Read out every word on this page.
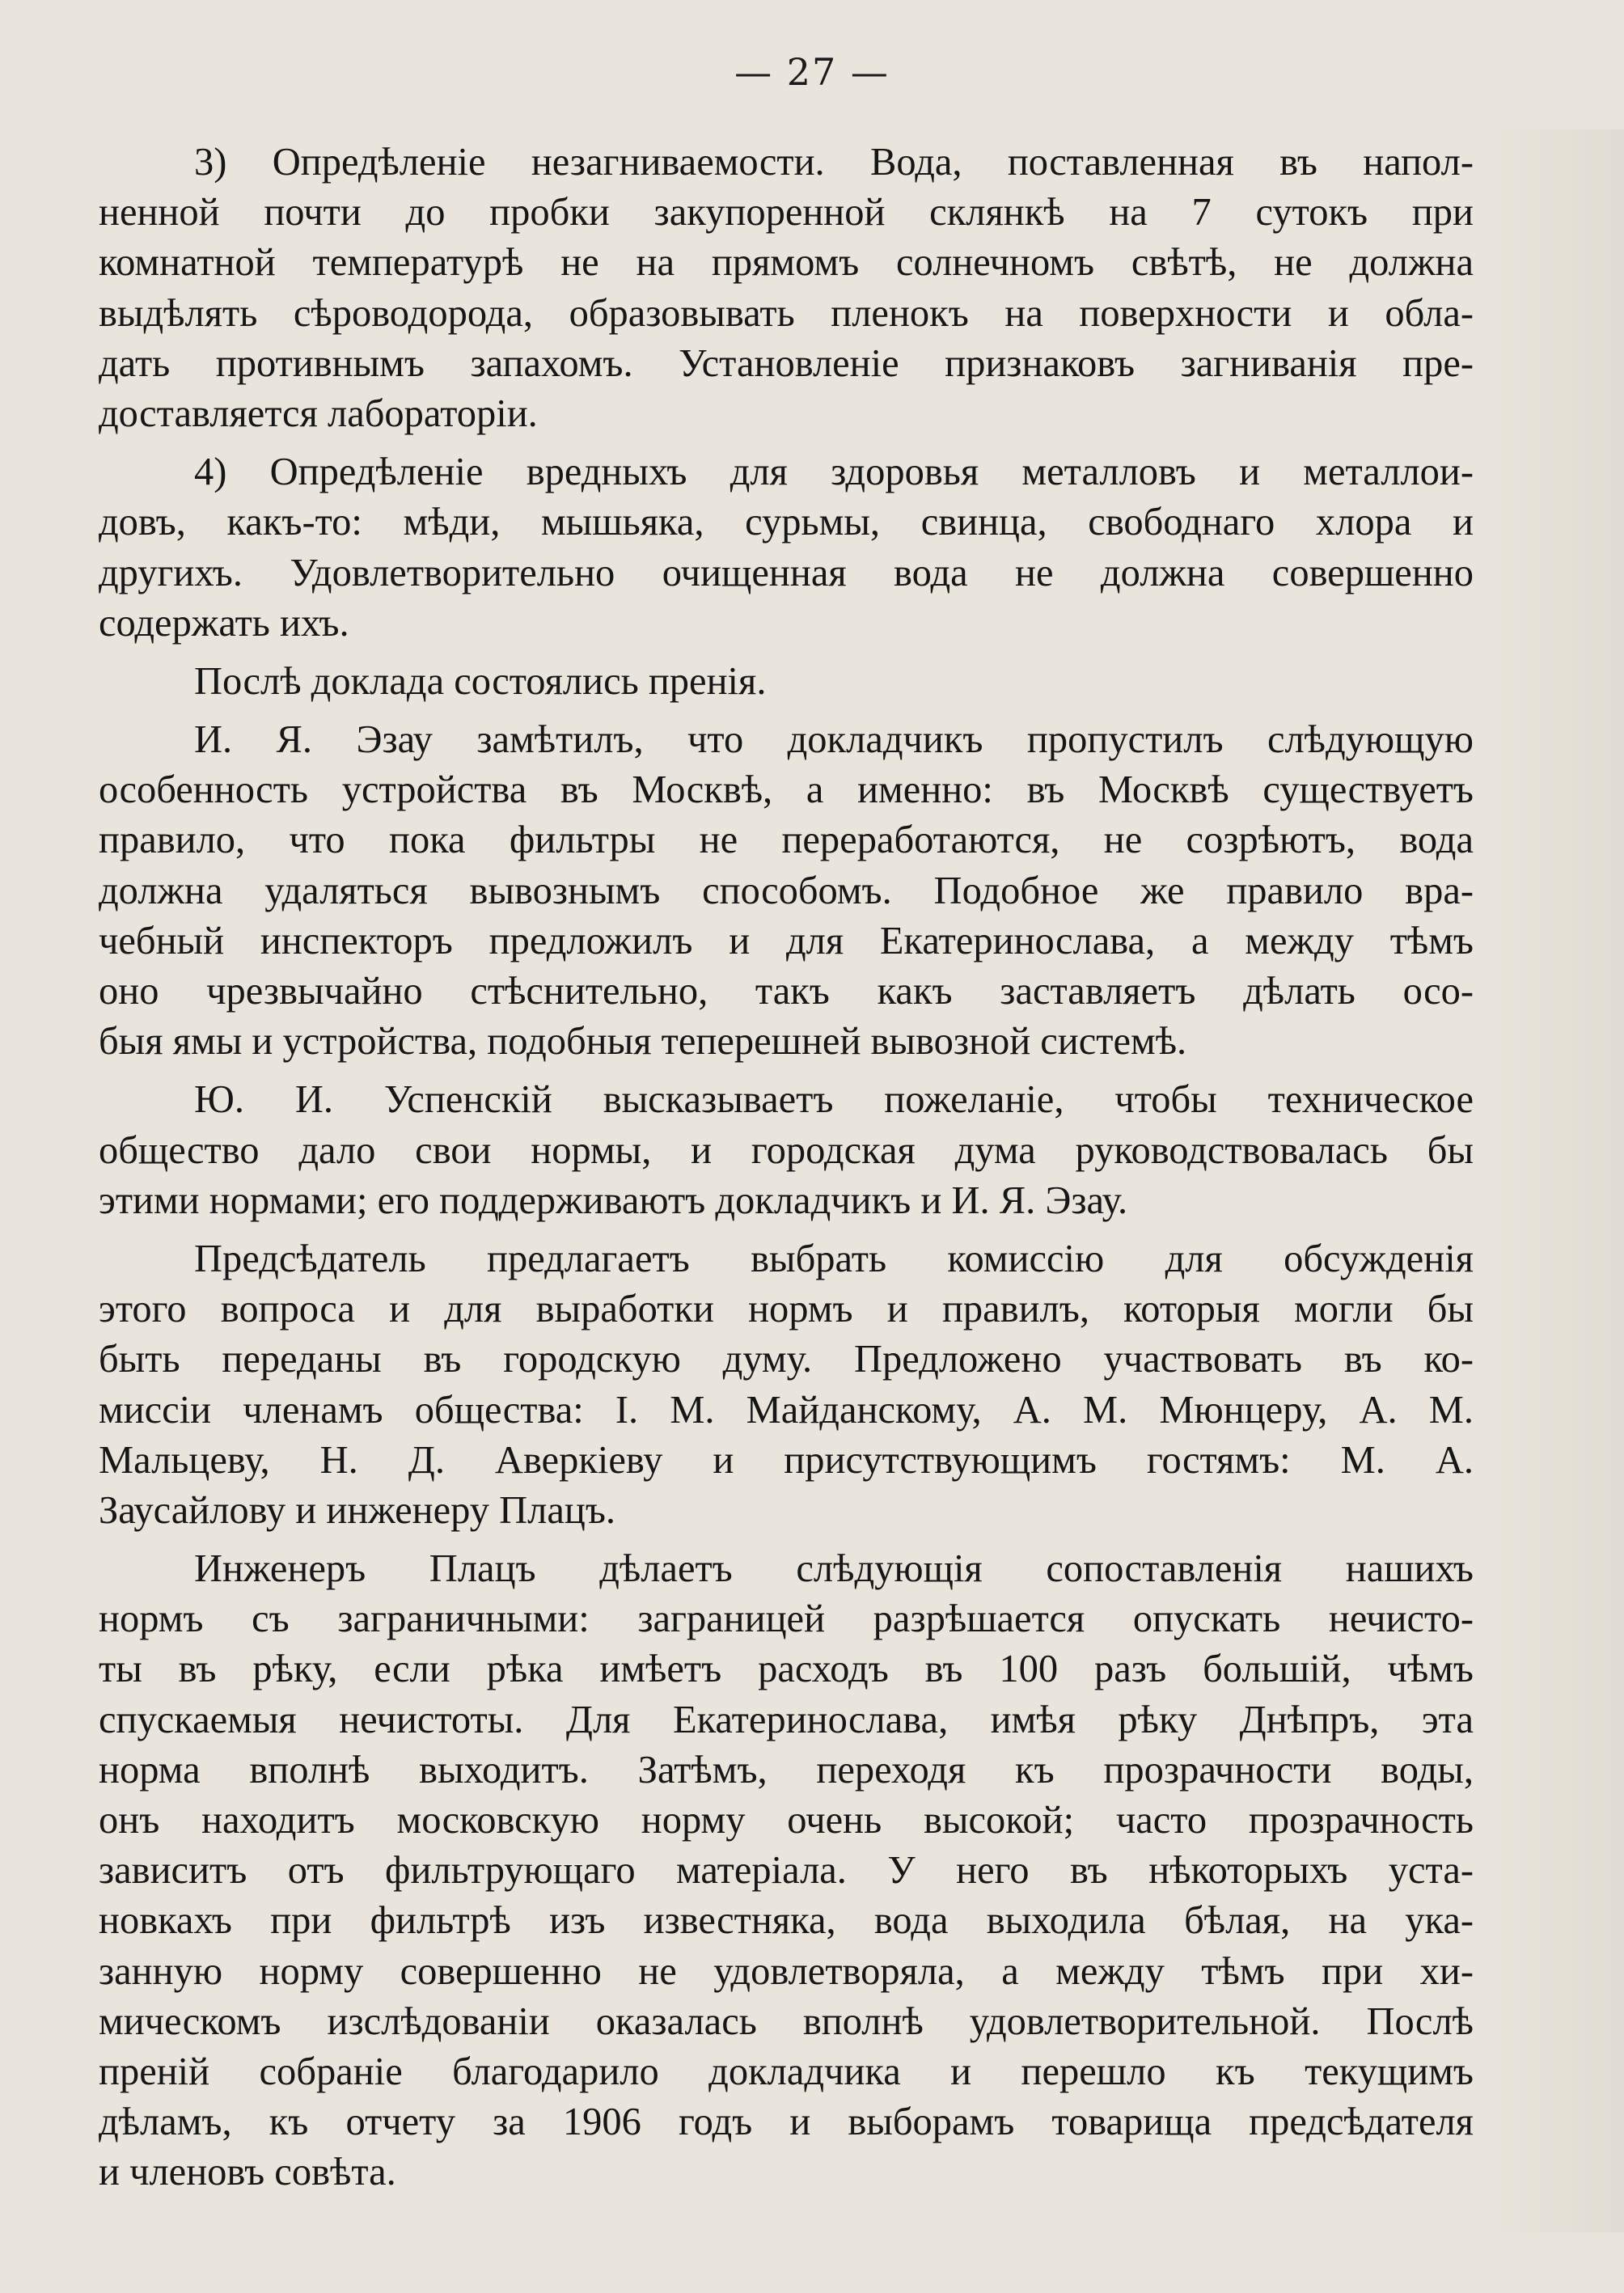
— 27 —
3) Опредѣленіе незагниваемости. Вода, поставленная въ напол-
ненной почти до пробки закупоренной склянкѣ на 7 сутокъ при
комнатной температурѣ не на прямомъ солнечномъ свѣтѣ, не должна
выдѣлять сѣроводорода, образовывать пленокъ на поверхности и обла-
дать противнымъ запахомъ. Установленіе признаковъ загниванія пре-
доставляется лабораторіи.
4) Опредѣленіе вредныхъ для здоровья металловъ и металлои-
довъ, какъ-то: мѣди, мышьяка, сурьмы, свинца, свободнаго хлора и
другихъ. Удовлетворительно очищенная вода не должна совершенно
содержать ихъ.
Послѣ доклада состоялись пренія.
И. Я. Эзау замѣтилъ, что докладчикъ пропустилъ слѣдующую
особенность устройства въ Москвѣ, а именно: въ Москвѣ существуетъ
правило, что пока фильтры не переработаются, не созрѣютъ, вода
должна удаляться вывознымъ способомъ. Подобное же правило вра-
чебный инспекторъ предложилъ и для Екатеринослава, а между тѣмъ
оно чрезвычайно стѣснительно, такъ какъ заставляетъ дѣлать осо-
быя ямы и устройства, подобныя теперешней вывозной системѣ.
Ю. И. Успенскій высказываетъ пожеланіе, чтобы техническое
общество дало свои нормы, и городская дума руководствовалась бы
этими нормами; его поддерживаютъ докладчикъ и И. Я. Эзау.
Предсѣдатель предлагаетъ выбрать комиссію для обсужденія
этого вопроса и для выработки нормъ и правилъ, которыя могли бы
быть переданы въ городскую думу. Предложено участвовать въ ко-
миссіи членамъ общества: І. М. Майданскому, А. М. Мюнцеру, А. М.
Мальцеву, Н. Д. Аверкіеву и присутствующимъ гостямъ: М. А.
Заусайлову и инженеру Плацъ.
Инженеръ Плацъ дѣлаетъ слѣдующія сопоставленія нашихъ
нормъ съ заграничными: заграницей разрѣшается опускать нечисто-
ты въ рѣку, если рѣка имѣетъ расходъ въ 100 разъ большій, чѣмъ
спускаемыя нечистоты. Для Екатеринослава, имѣя рѣку Днѣпръ, эта
норма вполнѣ выходитъ. Затѣмъ, переходя къ прозрачности воды,
онъ находитъ московскую норму очень высокой; часто прозрачность
зависитъ отъ фильтрующаго матеріала. У него въ нѣкоторыхъ уста-
новкахъ при фильтрѣ изъ известняка, вода выходила бѣлая, на ука-
занную норму совершенно не удовлетворяла, а между тѣмъ при хи-
мическомъ изслѣдованіи оказалась вполнѣ удовлетворительной. Послѣ
преній собраніе благодарило докладчика и перешло къ текущимъ
дѣламъ, къ отчету за 1906 годъ и выборамъ товарища предсѣдателя
и членовъ совѣта.
